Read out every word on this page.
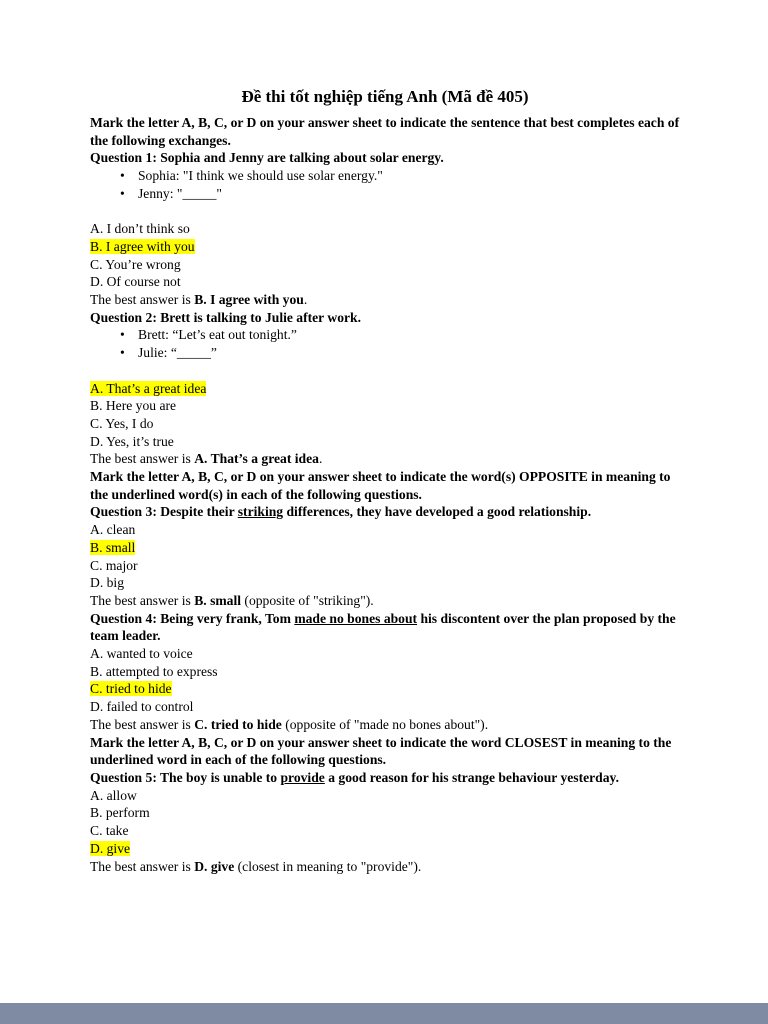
Đề thi tốt nghiệp tiếng Anh (Mã đề 405)
Mark the letter A, B, C, or D on your answer sheet to indicate the sentence that best completes each of the following exchanges.
Question 1: Sophia and Jenny are talking about solar energy.
• Sophia: "I think we should use solar energy."
• Jenny: "_____"
A. I don’t think so
B. I agree with you
C. You’re wrong
D. Of course not
The best answer is B. I agree with you.
Question 2: Brett is talking to Julie after work.
• Brett: “Let’s eat out tonight.”
• Julie: “_____”
A. That’s a great idea
B. Here you are
C. Yes, I do
D. Yes, it’s true
The best answer is A. That’s a great idea.
Mark the letter A, B, C, or D on your answer sheet to indicate the word(s) OPPOSITE in meaning to the underlined word(s) in each of the following questions.
Question 3: Despite their striking differences, they have developed a good relationship.
A. clean
B. small
C. major
D. big
The best answer is B. small (opposite of "striking").
Question 4: Being very frank, Tom made no bones about his discontent over the plan proposed by the team leader.
A. wanted to voice
B. attempted to express
C. tried to hide
D. failed to control
The best answer is C. tried to hide (opposite of "made no bones about").
Mark the letter A, B, C, or D on your answer sheet to indicate the word CLOSEST in meaning to the underlined word in each of the following questions.
Question 5: The boy is unable to provide a good reason for his strange behaviour yesterday.
A. allow
B. perform
C. take
D. give
The best answer is D. give (closest in meaning to "provide").
